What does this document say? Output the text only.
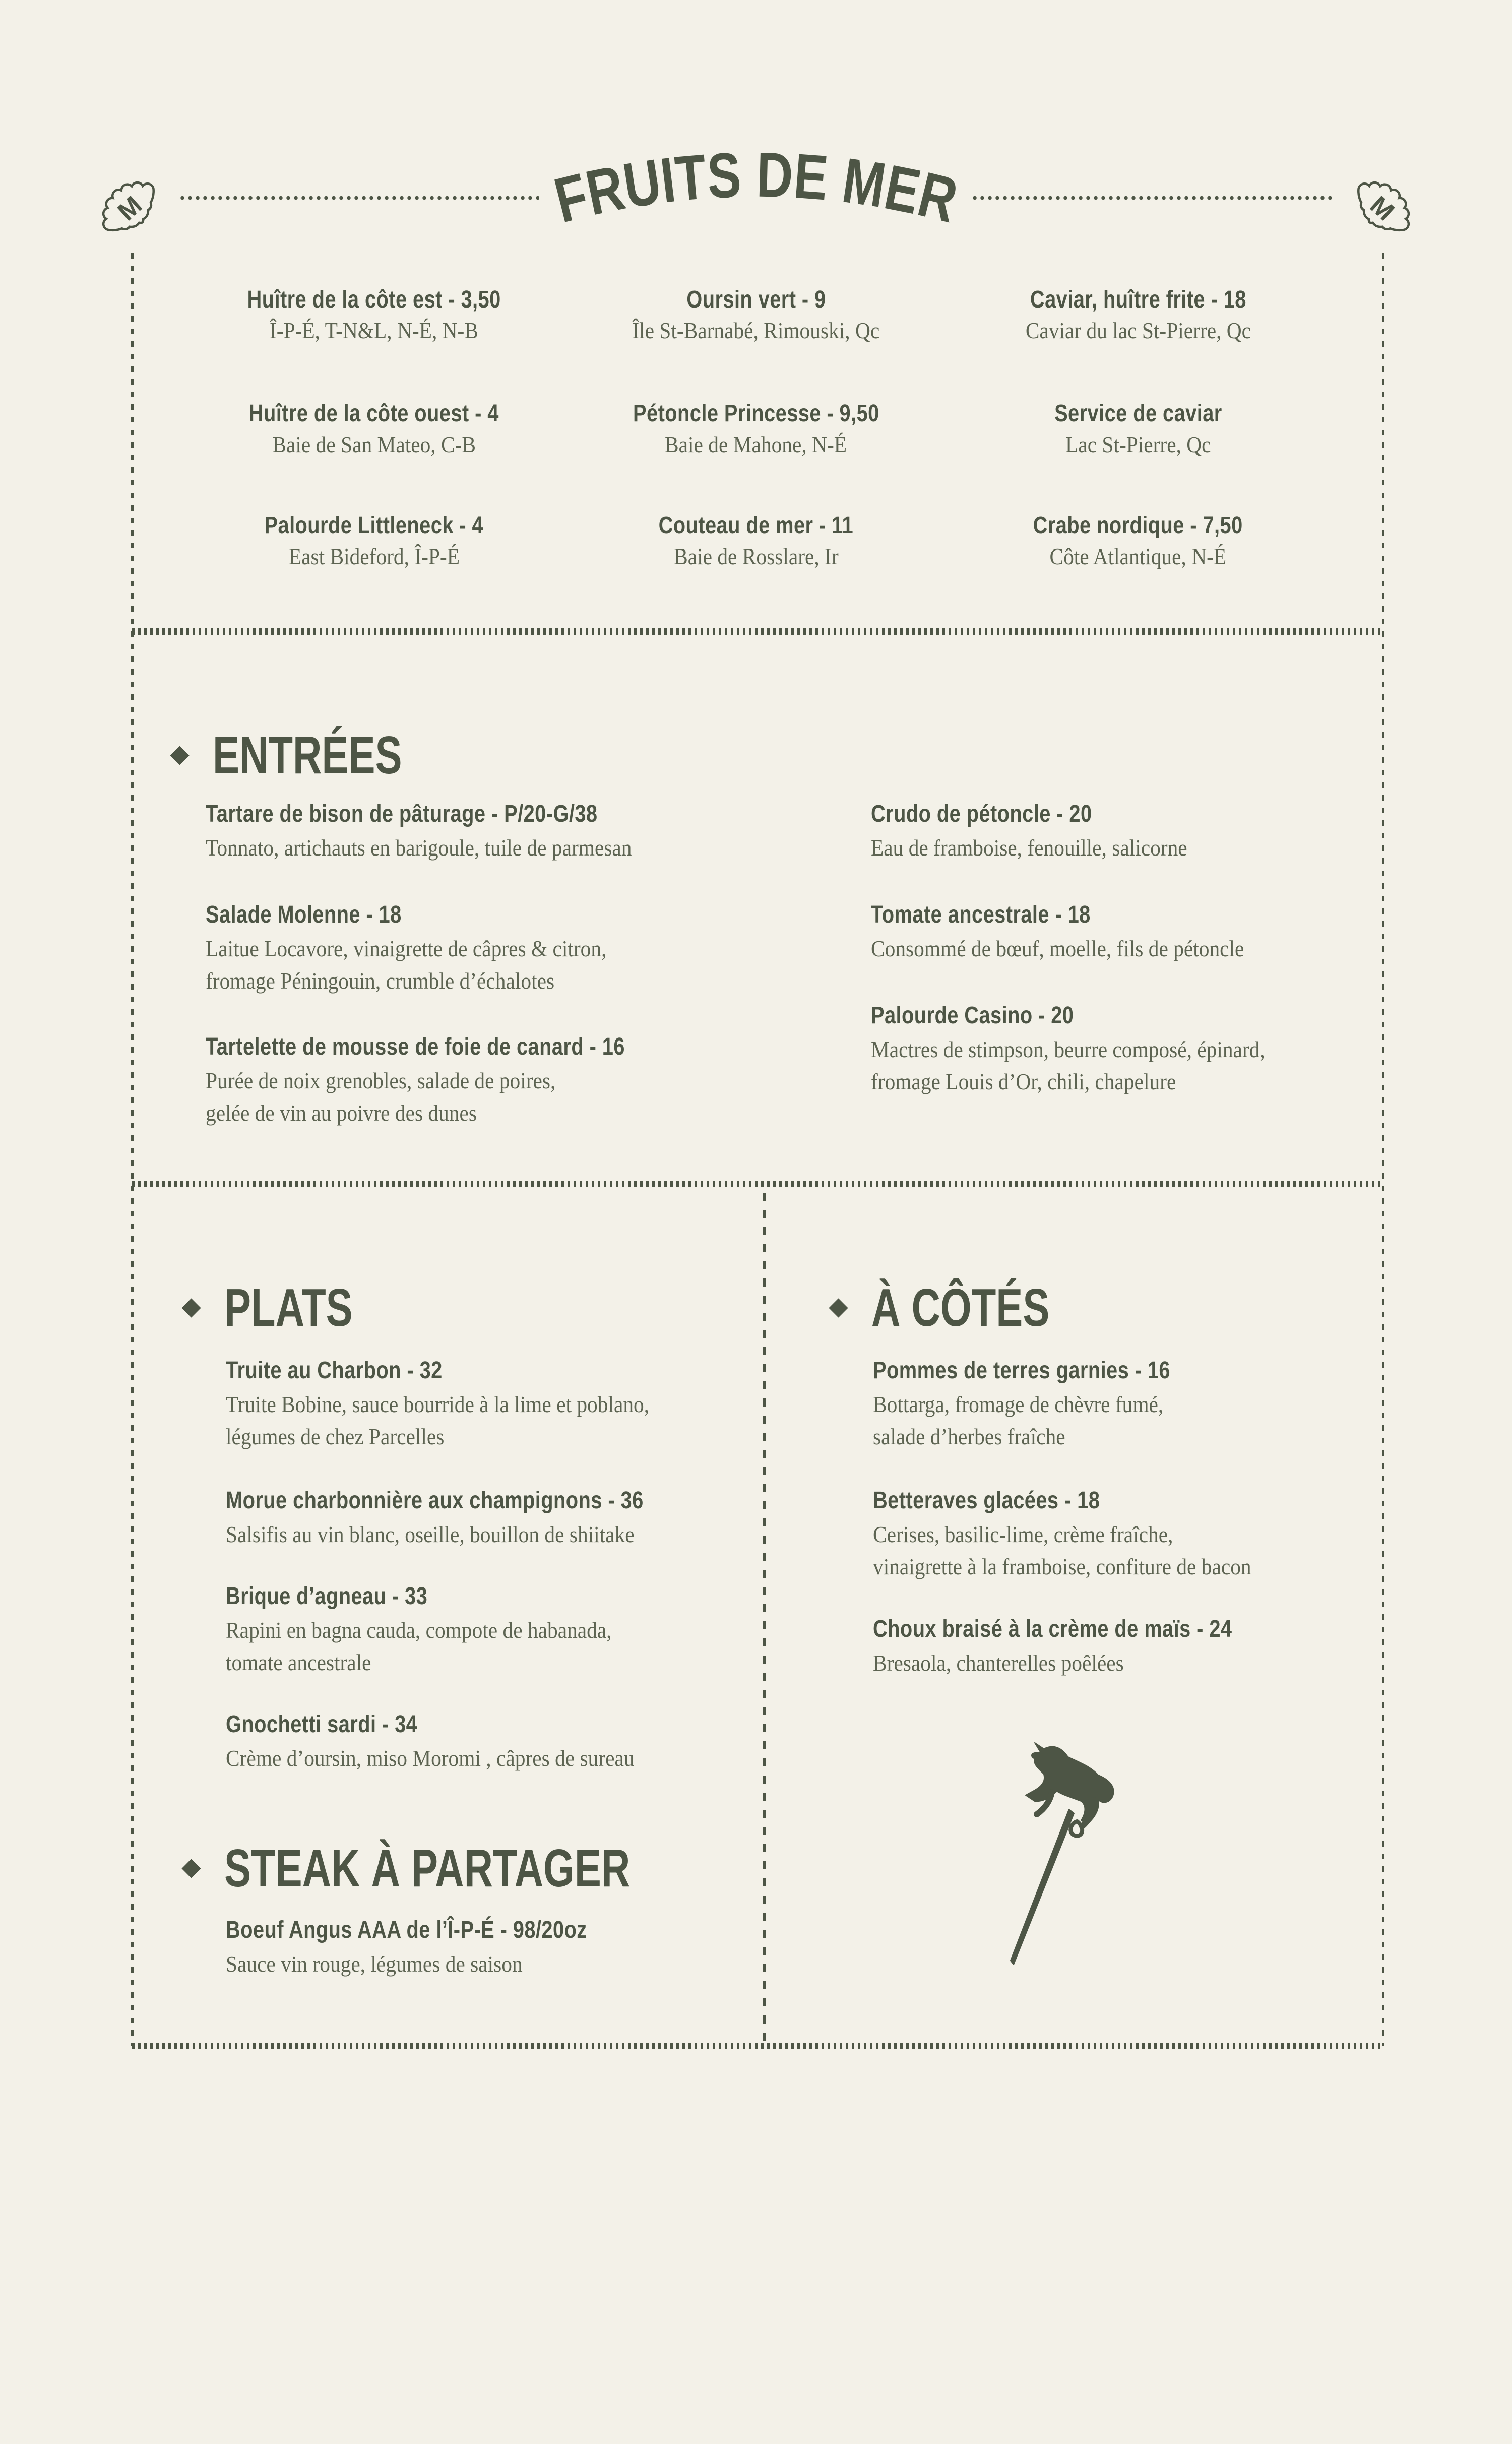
M	FRUITS DE MER	M
Huître de la côte est - 3,50
Î-P-É, T-N&L, N-É, N-B
Huître de la côte ouest - 4
Baie de San Mateo, C-B
Palourde Littleneck - 4
East Bideford, Î-P-É
Oursin vert - 9
Île St-Barnabé, Rimouski, Qc
Pétoncle Princesse - 9,50
Baie de Mahone, N-É
Couteau de mer - 11
Baie de Rosslare, Ir
Caviar, huître frite - 18
Caviar du lac St-Pierre, Qc
Service de caviar
Lac St-Pierre, Qc
Crabe nordique - 7,50
Côte Atlantique, N-É
ENTRÉES
Tartare de bison de pâturage - P/20-G/38
Tonnato, artichauts en barigoule, tuile de parmesan
Salade Molenne - 18
Laitue Locavore, vinaigrette de câpres & citron,
fromage Péningouin, crumble d’échalotes
Tartelette de mousse de foie de canard - 16
Purée de noix grenobles, salade de poires,
gelée de vin au poivre des dunes
Crudo de pétoncle - 20
Eau de framboise, fenouille, salicorne
Tomate ancestrale - 18
Consommé de bœuf, moelle, fils de pétoncle
Palourde Casino - 20
Mactres de stimpson, beurre composé, épinard,
fromage Louis d’Or, chili, chapelure
PLATS
Truite au Charbon - 32
Truite Bobine, sauce bourride à la lime et poblano,
légumes de chez Parcelles
Morue charbonnière aux champignons - 36
Salsifis au vin blanc, oseille, bouillon de shiitake
Brique d’agneau - 33
Rapini en bagna cauda, compote de habanada,
tomate ancestrale
Gnochetti sardi - 34
Crème d’oursin, miso Moromi , câpres de sureau
STEAK À PARTAGER
Boeuf Angus AAA de l’Î-P-É - 98/20oz
Sauce vin rouge, légumes de saison
À CÔTÉS
Pommes de terres garnies - 16
Bottarga, fromage de chèvre fumé,
salade d’herbes fraîche
Betteraves glacées - 18
Cerises, basilic-lime, crème fraîche,
vinaigrette à la framboise, confiture de bacon
Choux braisé à la crème de maïs - 24
Bresaola, chanterelles poêlées
